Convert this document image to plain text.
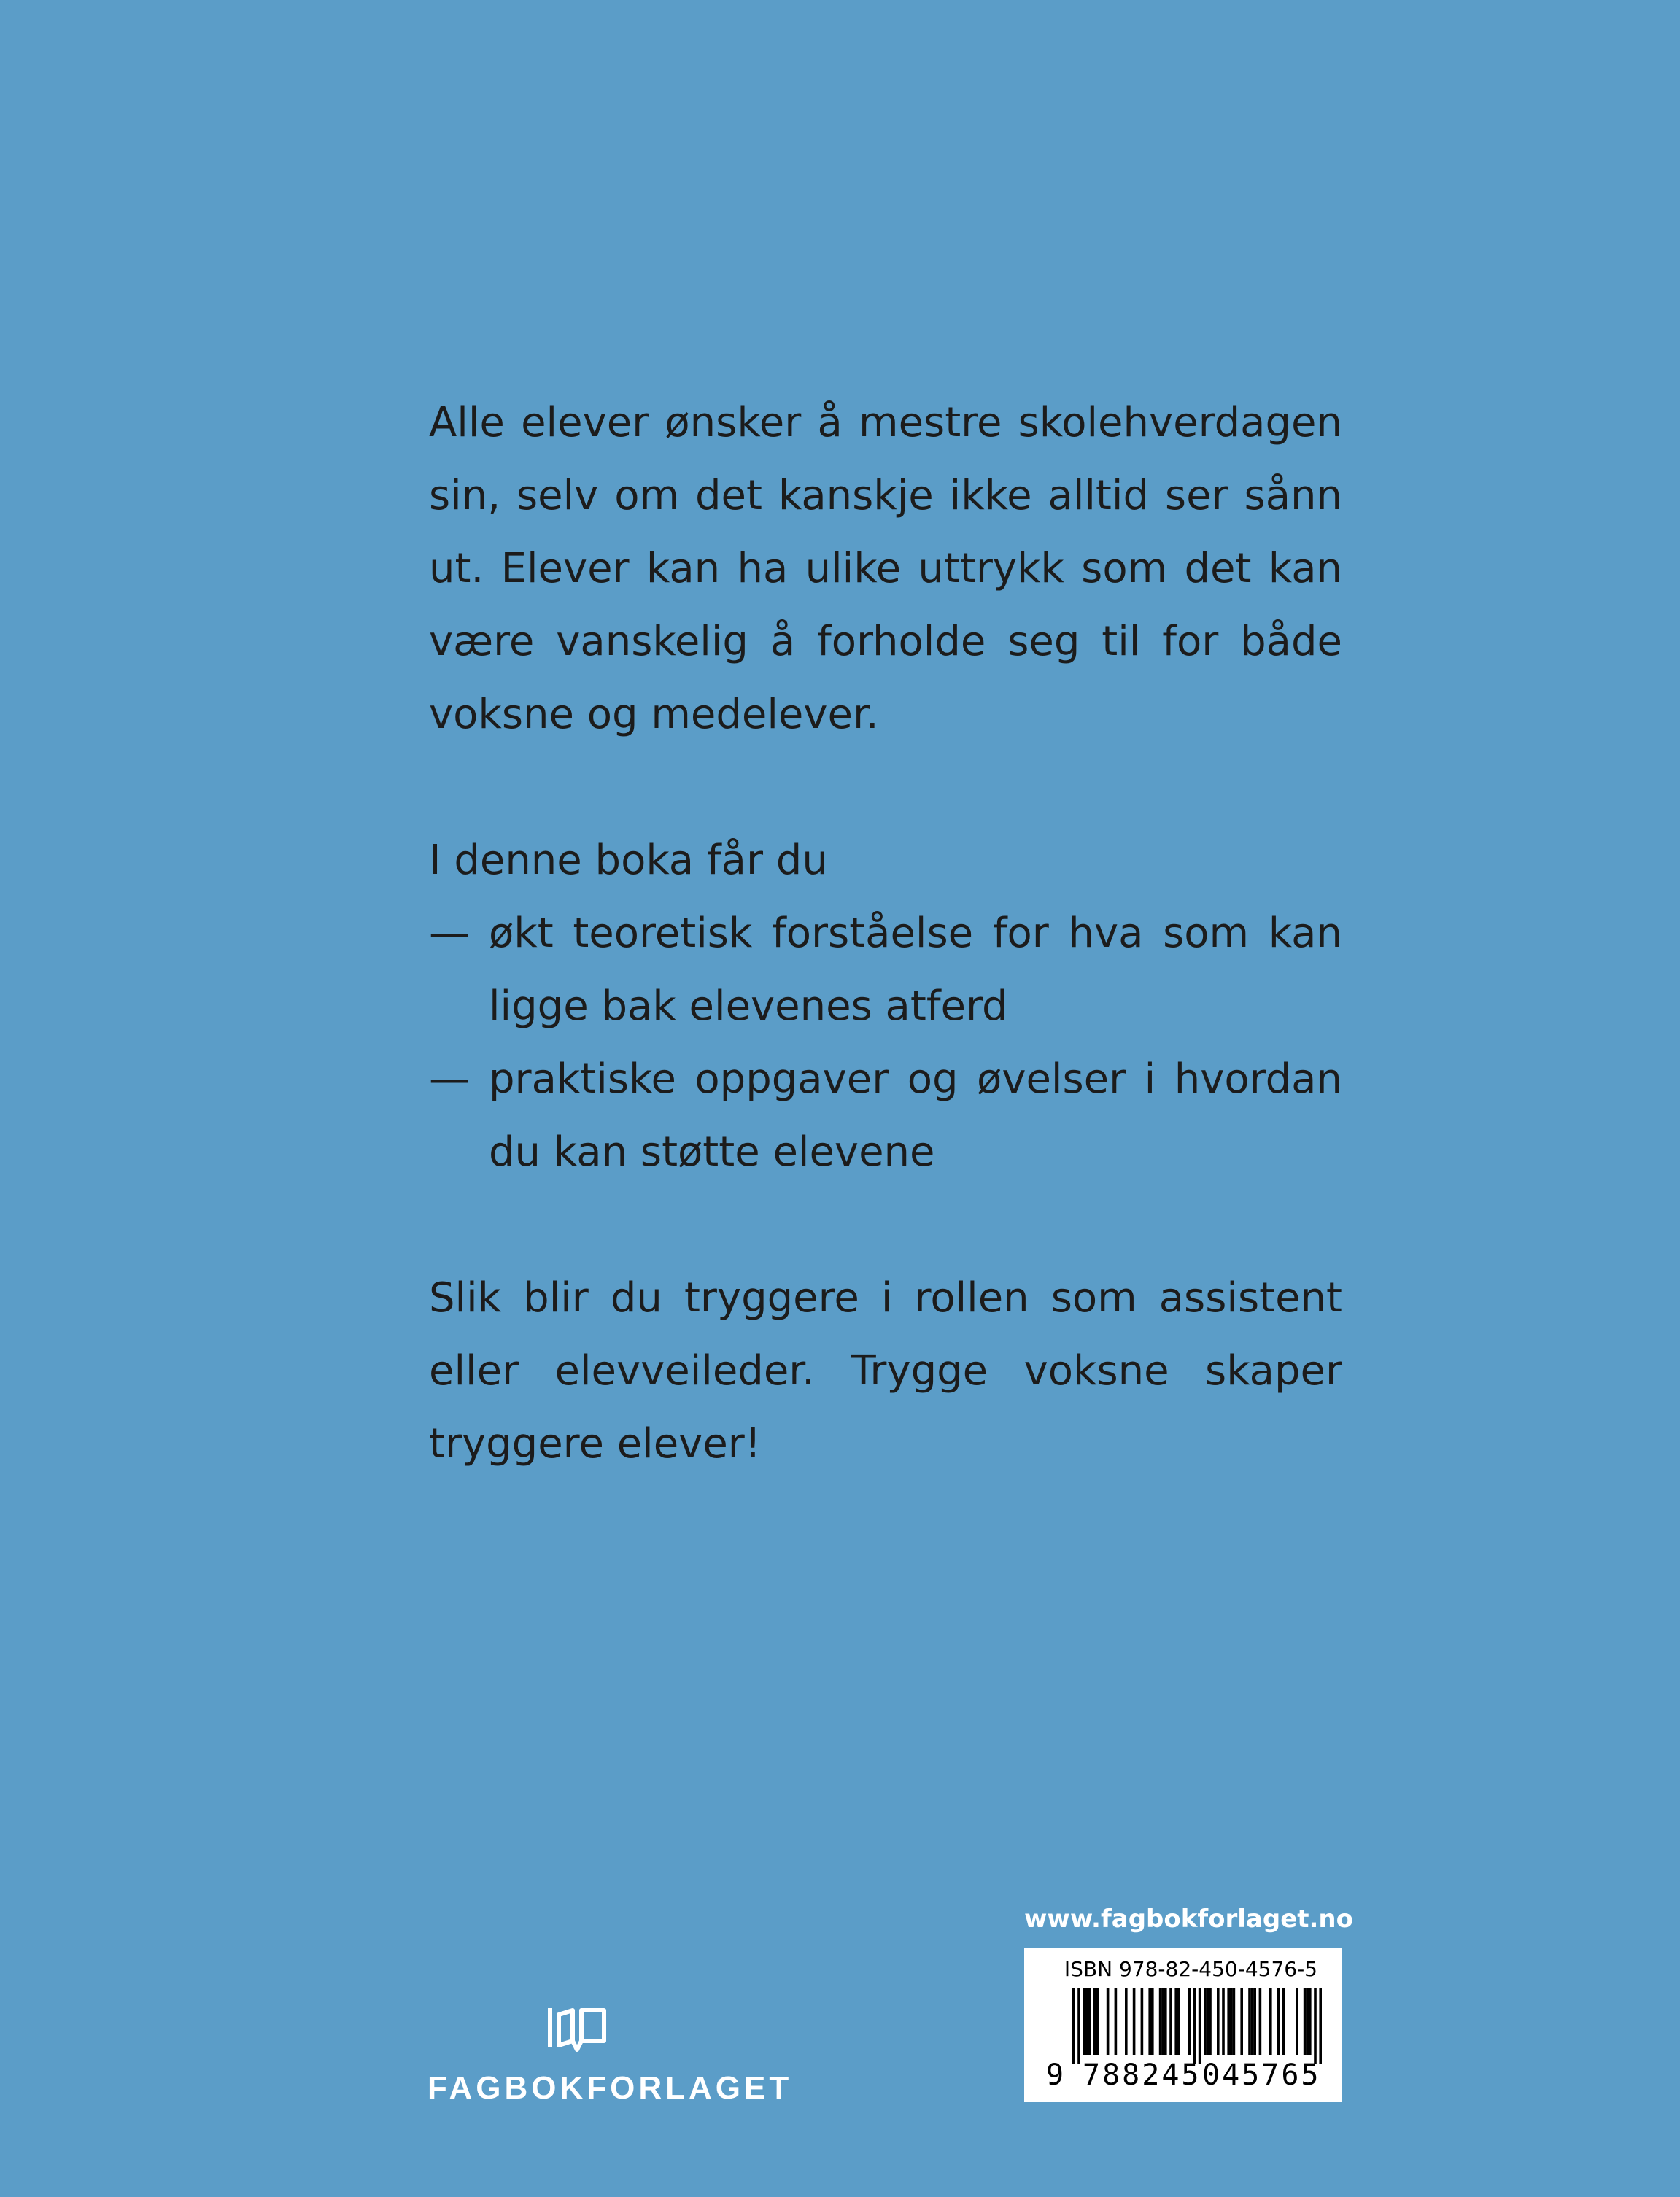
Alle elever ønsker å mestre skolehverdagen sin, selv om det kanskje ikke alltid ser sånn ut. Elever kan ha ulike uttrykk som det kan være vanskelig å forholde seg til for både voksne og medelever.

I denne boka får du

— økt teoretisk forståelse for hva som kan ligge bak elevenes atferd
— praktiske oppgaver og øvelser i hvordan du kan støtte elevene

Slik blir du tryggere i rollen som assistent eller elevveileder. Trygge voksne skaper tryggere elever!

www.fagbokforlaget.no
ISBN 978-82-450-4576-5
9 788245 045765
FAGBOKFORLAGET
